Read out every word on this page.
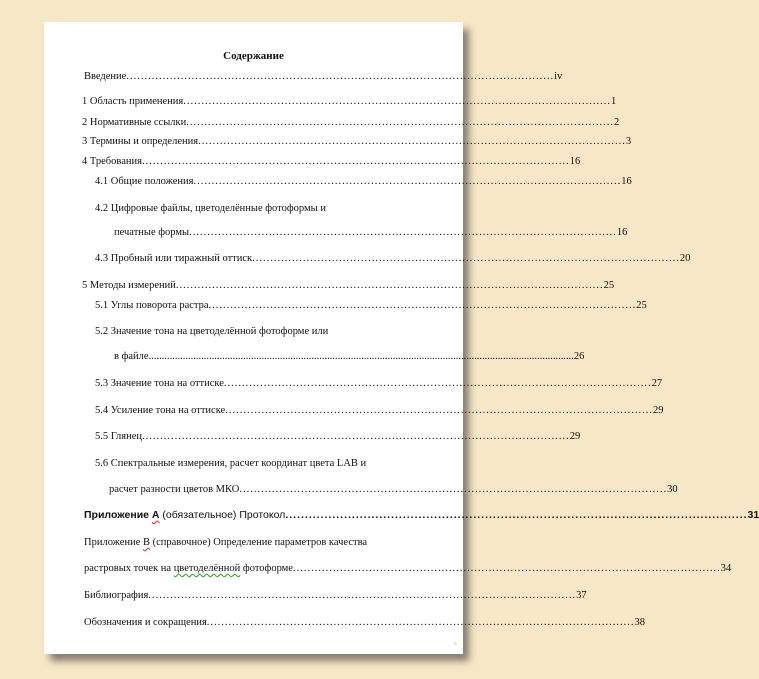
Содержание
Введение ...................................................................................................................... iv
1 Область применения ...................................................................................................................... 1
2 Нормативные ссылки ...................................................................................................................... 2
3 Термины и определения ...................................................................................................................... 3
4 Требования ...................................................................................................................... 16
4.1 Общие положения ...................................................................................................................... 16
4.2 Цифровые файлы, цветоделённые фотоформы и
печатные формы ...................................................................................................................... 16
4.3 Пробный или тиражный оттиск ...................................................................................................................... 20
5 Методы измерений ...................................................................................................................... 25
5.1 Углы поворота растра ...................................................................................................................... 25
5.2 Значение тона на цветоделённой фотоформе или
в файле .................................................................................................................................................................. 26
5.3 Значение тона на оттиске ...................................................................................................................... 27
5.4 Усиление тона на оттиске ...................................................................................................................... 29
5.5 Глянец ...................................................................................................................... 29
5.6 Спектральные измерения, расчет координат цвета LAB и
расчет разности цветов МКО ...................................................................................................................... 30
Приложение А (обязательное) Протокол ...................................................................................................................... 31
Приложение В (справочное) Определение параметров качества
растровых точек на цветоделённой фотоформе ...................................................................................................................... 34
Библиография ...................................................................................................................... 37
Обозначения и сокращения ...................................................................................................................... 38
°
